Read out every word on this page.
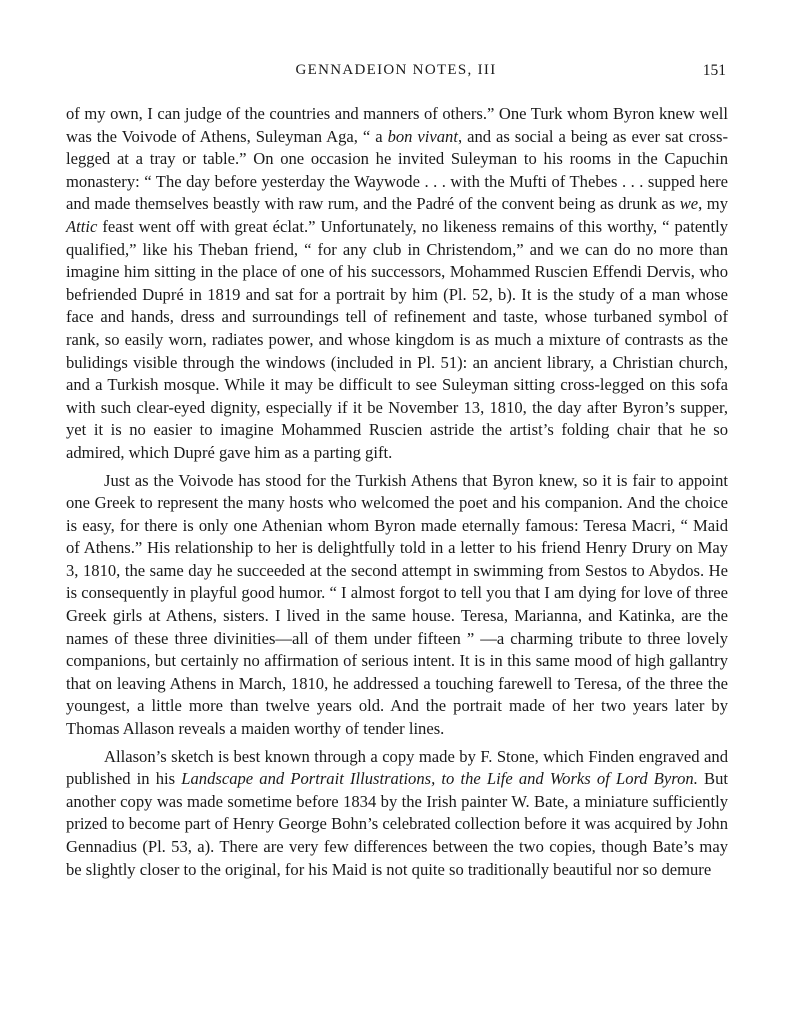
GENNADEION NOTES, III	151

of my own, I can judge of the countries and manners of others.” One Turk whom Byron knew well was the Voivode of Athens, Suleyman Aga, “ a bon vivant, and as social a being as ever sat cross-legged at a tray or table.” On one occasion he invited Suleyman to his rooms in the Capuchin monastery: “ The day before yesterday the Waywode . . . with the Mufti of Thebes . . . supped here and made themselves beastly with raw rum, and the Padré of the convent being as drunk as we, my Attic feast went off with great éclat.” Unfortunately, no likeness remains of this worthy, “ patently qualified,” like his Theban friend, “ for any club in Christendom,” and we can do no more than imagine him sitting in the place of one of his successors, Mohammed Ruscien Effendi Dervis, who befriended Dupré in 1819 and sat for a portrait by him (Pl. 52, b). It is the study of a man whose face and hands, dress and surroundings tell of refinement and taste, whose turbaned symbol of rank, so easily worn, radiates power, and whose kingdom is as much a mixture of contrasts as the bulidings visible through the windows (included in Pl. 51): an ancient library, a Christian church, and a Turkish mosque. While it may be difficult to see Suleyman sitting cross-legged on this sofa with such clear-eyed dignity, especially if it be November 13, 1810, the day after Byron’s supper, yet it is no easier to imagine Mohammed Ruscien astride the artist’s folding chair that he so admired, which Dupré gave him as a parting gift.

Just as the Voivode has stood for the Turkish Athens that Byron knew, so it is fair to appoint one Greek to represent the many hosts who welcomed the poet and his companion. And the choice is easy, for there is only one Athenian whom Byron made eternally famous: Teresa Macri, “ Maid of Athens.” His relationship to her is delightfully told in a letter to his friend Henry Drury on May 3, 1810, the same day he succeeded at the second attempt in swimming from Sestos to Abydos. He is consequently in playful good humor. “ I almost forgot to tell you that I am dying for love of three Greek girls at Athens, sisters. I lived in the same house. Teresa, Marianna, and Katinka, are the names of these three divinities—all of them under fifteen ” —a charming tribute to three lovely companions, but certainly no affirmation of serious intent. It is in this same mood of high gallantry that on leaving Athens in March, 1810, he addressed a touching farewell to Teresa, of the three the youngest, a little more than twelve years old. And the portrait made of her two years later by Thomas Allason reveals a maiden worthy of tender lines.

Allason’s sketch is best known through a copy made by F. Stone, which Finden engraved and published in his Landscape and Portrait Illustrations, to the Life and Works of Lord Byron. But another copy was made sometime before 1834 by the Irish painter W. Bate, a miniature sufficiently prized to become part of Henry George Bohn’s celebrated collection before it was acquired by John Gennadius (Pl. 53, a). There are very few differences between the two copies, though Bate’s may be slightly closer to the original, for his Maid is not quite so traditionally beautiful nor so demure
